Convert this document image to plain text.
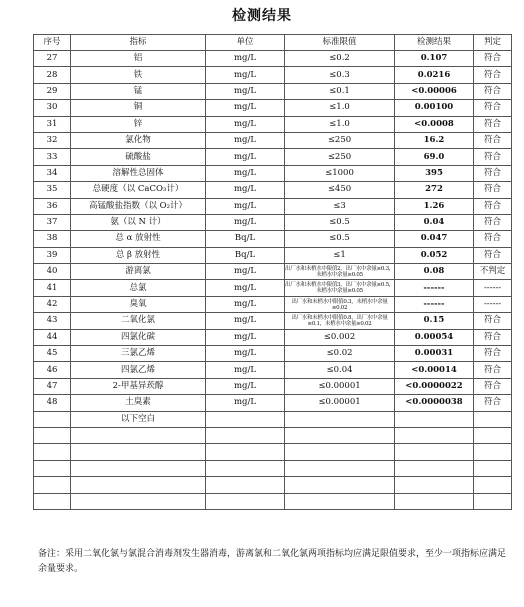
检测结果
序号	指标	单位	标准限值	检测结果	判定
27	铝	mg/L	≤0.2	0.107	符合
28	铁	mg/L	≤0.3	0.0216	符合
29	锰	mg/L	≤0.1	<0.00006	符合
30	铜	mg/L	≤1.0	0.00100	符合
31	锌	mg/L	≤1.0	<0.0008	符合
32	氯化物	mg/L	≤250	16.2	符合
33	硫酸盐	mg/L	≤250	69.0	符合
34	溶解性总固体	mg/L	≤1000	395	符合
35	总硬度（以 CaCO₃计）	mg/L	≤450	272	符合
36	高锰酸盐指数（以 O₂计）	mg/L	≤3	1.26	符合
37	氨（以 N 计）	mg/L	≤0.5	0.04	符合
38	总 α 放射性	Bq/L	≤0.5	0.047	符合
39	总 β 放射性	Bq/L	≤1	0.052	符合
40	游离氯	mg/L	出厂水和末梢水中限值2，出厂水中余量≥0.3，末梢水中余量≥0.05	0.08	不判定
41	总氯	mg/L	出厂水和末梢水中限值3，出厂水中余量≥0.5，末梢水中余量≥0.05	------	------
42	臭氧	mg/L	出厂水和末梢水中限值0.3，末梢水中余量≥0.02	------	------
43	二氧化氯	mg/L	出厂水和末梢水中限值0.8，出厂水中余量≥0.1，末梢水中余量≥0.02	0.15	符合
44	四氯化碳	mg/L	≤0.002	0.00054	符合
45	三氯乙烯	mg/L	≤0.02	0.00031	符合
46	四氯乙烯	mg/L	≤0.04	<0.00014	符合
47	2-甲基异莰醇	mg/L	≤0.00001	<0.0000022	符合
48	土臭素	mg/L	≤0.00001	<0.0000038	符合
	以下空白				

备注：采用二氧化氯与氯混合消毒剂发生器消毒，游离氯和二氧化氯两项指标均应满足限值要求，至少一项指标应满足余量要求。
